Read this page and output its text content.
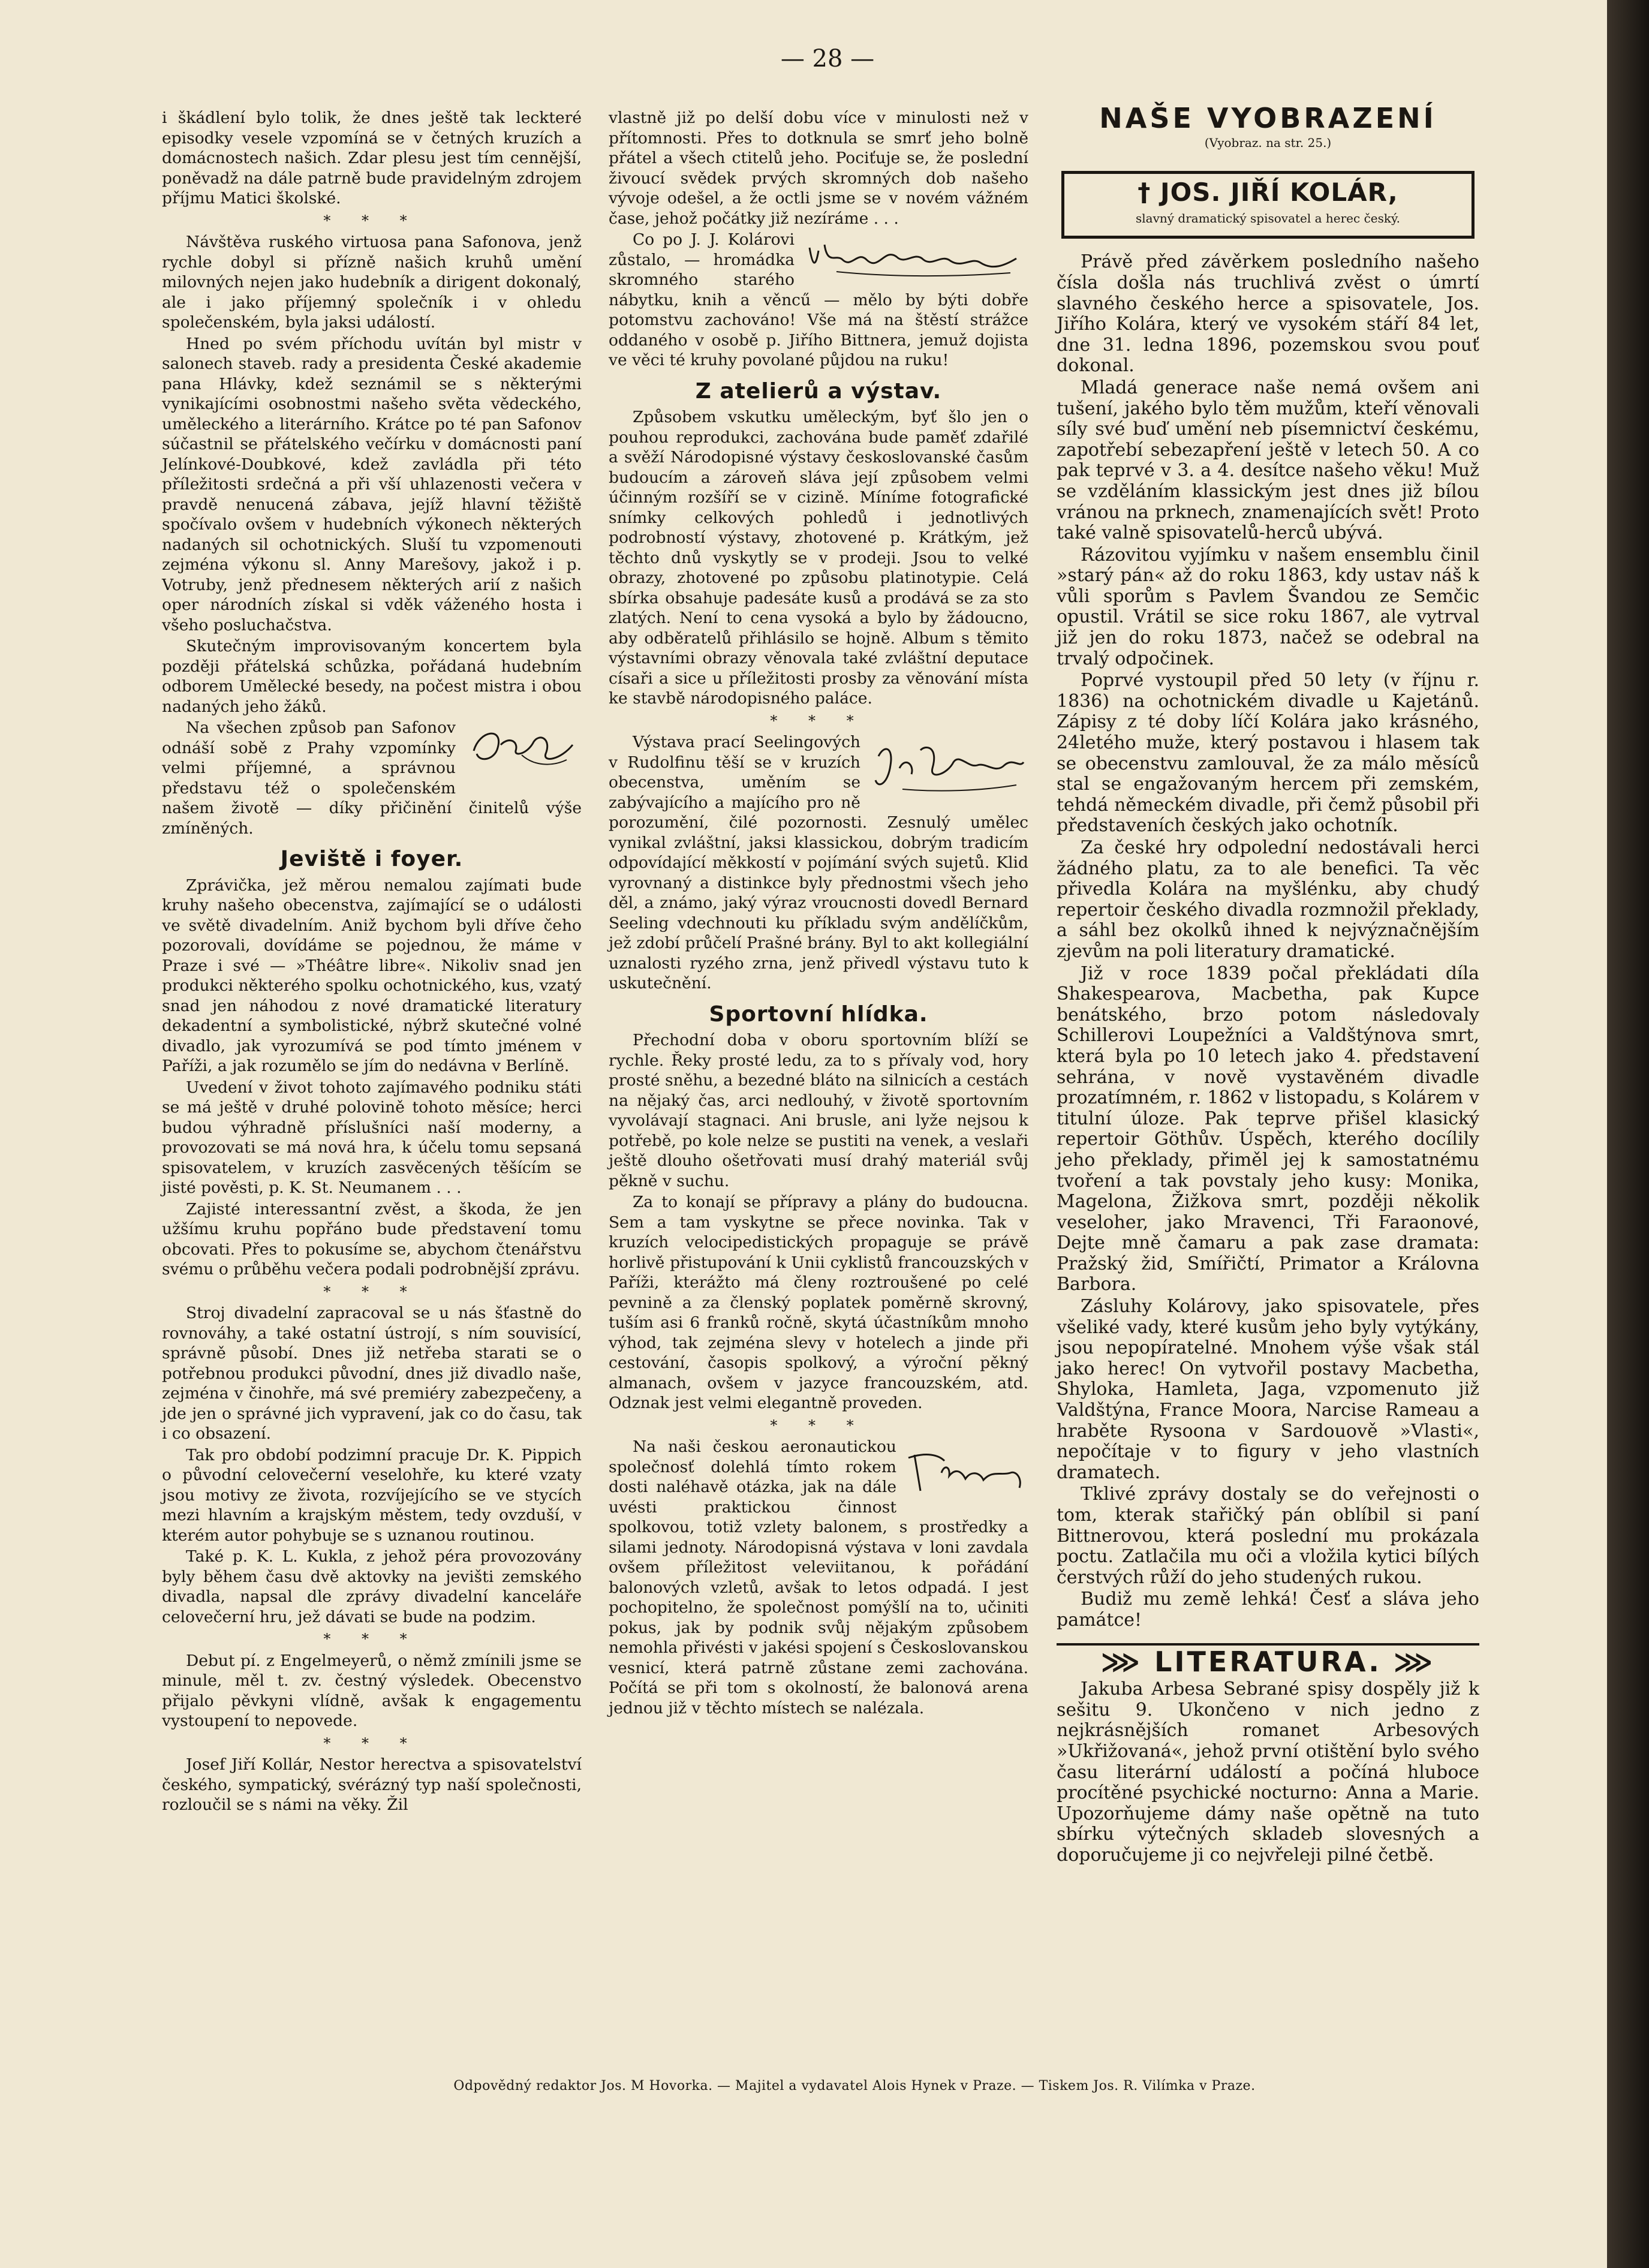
— 28 —

i škádlení bylo tolik, že dnes ještě tak leckteré episodky vesele vzpomíná se v četných kruzích a domácnostech našich. Zdar plesu jest tím cennější, poněvadž na dále patrně bude pravidelným zdrojem příjmu Matici školské.

* * *

Návštěva ruského virtuosa pana Safonova, jenž rychle dobyl si přízně našich kruhů umění milovných nejen jako hudebník a dirigent dokonalý, ale i jako příjemný společník i v ohledu společenském, byla jaksi událostí.

Hned po svém příchodu uvítán byl mistr v salonech staveb. rady a presidenta České akademie pana Hlávky, kdež seznámil se s některými vynikajícími osobnostmi našeho světa vědeckého, uměleckého a literárního. Krátce po té pan Safonov súčastnil se přátelského večírku v domácnosti paní Jelínkové-Doubkové, kdež zavládla při této příležitosti srdečná a při vší uhlazenosti večera v pravdě nenucená zábava, jejíž hlavní těžiště spočívalo ovšem v hudebních výkonech některých nadaných sil ochotnických. Sluší tu vzpomenouti zejména výkonu sl. Anny Marešovy, jakož i p. Votruby, jenž přednesem některých arií z našich oper národních získal si vděk váženého hosta i všeho posluchačstva.

Skutečným improvisovaným koncertem byla později přátelská schůzka, pořádaná hudebním odborem Umělecké besedy, na počest mistra i obou nadaných jeho žáků.

Na všechen způsob pan Safonov odnáší sobě z Prahy vzpomínky velmi příjemné, a správnou představu též o společenském našem životě — díky přičinění činitelů výše zmíněných.

Jeviště i foyer.

Zprávička, jež měrou nemalou zajímati bude kruhy našeho obecenstva, zajímající se o události ve světě divadelním. Aniž bychom byli dříve čeho pozorovali, dovídáme se pojednou, že máme v Praze i své — »Théâtre libre«. Nikoliv snad jen produkci některého spolku ochotnického, kus, vzatý snad jen náhodou z nové dramatické literatury dekadentní a symbolistické, nýbrž skutečné volné divadlo, jak vyrozumívá se pod tímto jménem v Paříži, a jak rozumělo se jím do nedávna v Berlíně.

Uvedení v život tohoto zajímavého podniku státi se má ještě v druhé polovině tohoto měsíce; herci budou výhradně příslušníci naší moderny, a provozovati se má nová hra, k účelu tomu sepsaná spisovatelem, v kruzích zasvěcených těšícím se jisté pověsti, p. K. St. Neumanem . . .

Zajisté interessantní zvěst, a škoda, že jen užšímu kruhu popřáno bude představení tomu obcovati. Přes to pokusíme se, abychom čtenářstvu svému o průběhu večera podali podrobnější zprávu.

* * *

Stroj divadelní zapracoval se u nás šťastně do rovnováhy, a také ostatní ústrojí, s ním souvisící, správně působí. Dnes již netřeba starati se o potřebnou produkci původní, dnes již divadlo naše, zejména v činohře, má své premiéry zabezpečeny, a jde jen o správné jich vypravení, jak co do času, tak i co obsazení.

Tak pro období podzimní pracuje Dr. K. Pippich o původní celovečerní veselohře, ku které vzaty jsou motivy ze života, rozvíjejícího se ve stycích mezi hlavním a krajským městem, tedy ovzduší, v kterém autor pohybuje se s uznanou routinou.

Také p. K. L. Kukla, z jehož péra provozovány byly během času dvě aktovky na jevišti zemského divadla, napsal dle zprávy divadelní kanceláře celovečerní hru, jež dávati se bude na podzim.

* * *

Debut pí. z Engelmeyerů, o němž zmínili jsme se minule, měl t. zv. čestný výsledek. Obecenstvo přijalo pěvkyni vlídně, avšak k engagementu vystoupení to nepovede.

* * *

Josef Jiří Kollár, Nestor herectva a spisovatelství českého, sympatický, svérázný typ naší společnosti, rozloučil se s námi na věky. Žil

vlastně již po delší dobu více v minulosti než v přítomnosti. Přes to dotknula se smrť jeho bolně přátel a všech ctitelů jeho. Pociťuje se, že poslední živoucí svědek prvých skromných dob našeho vývoje odešel, a že octli jsme se v novém vážném čase, jehož počátky již nezíráme . . .

Co po J. J. Kolárovi zůstalo, — hromádka skromného starého nábytku, knih a věncű — mělo by býti dobře potomstvu zachováno! Vše má na štěstí strážce oddaného v osobě p. Jiřího Bittnera, jemuž dojista ve věci té kruhy povolané půjdou na ruku!

Z atelierů a výstav.

Způsobem vskutku uměleckým, byť šlo jen o pouhou reprodukci, zachována bude paměť zdařilé a svěží Národopisné výstavy českoslovanské časům budoucím a zároveň sláva její způsobem velmi účinným rozšíří se v cizině. Míníme fotografické snímky celkových pohledů i jednotlivých podrobností výstavy, zhotovené p. Krátkým, jež těchto dnů vyskytly se v prodeji. Jsou to velké obrazy, zhotovené po způsobu platinotypie. Celá sbírka obsahuje padesáte kusů a prodává se za sto zlatých. Není to cena vysoká a bylo by žádoucno, aby odběratelů přihlásilo se hojně. Album s těmito výstavními obrazy věnovala také zvláštní deputace císaři a sice u příležitosti prosby za věnování místa ke stavbě národopisného paláce.

* * *

Výstava prací Seelingových v Rudolfinu těší se v kruzích obecenstva, uměním se zabývajícího a majícího pro ně porozumění, čilé pozornosti. Zesnulý umělec vynikal zvláštní, jaksi klassickou, dobrým tradicím odpovídající měkkostí v pojímání svých sujetů. Klid vyrovnaný a distinkce byly přednostmi všech jeho děl, a známo, jaký výraz vroucnosti dovedl Bernard Seeling vdechnouti ku příkladu svým andělíčkům, jež zdobí průčelí Prašné brány. Byl to akt kollegiální uznalosti ryzého zrna, jenž přivedl výstavu tuto k uskutečnění.

Sportovní hlídka.

Přechodní doba v oboru sportovním blíží se rychle. Řeky prosté ledu, za to s přívaly vod, hory prosté sněhu, a bezedné bláto na silnicích a cestách na nějaký čas, arci nedlouhý, v životě sportovním vyvolávají stagnaci. Ani brusle, ani lyže nejsou k potřebě, po kole nelze se pustiti na venek, a veslaři ještě dlouho ošetřovati musí drahý materiál svůj pěkně v suchu.

Za to konají se přípravy a plány do budoucna. Sem a tam vyskytne se přece novinka. Tak v kruzích velocipedistických propaguje se právě horlivě přistupování k Unii cyklistů francouzských v Paříži, kterážto má členy roztroušené po celé pevnině a za členský poplatek poměrně skrovný, tuším asi 6 franků ročně, skytá účastníkům mnoho výhod, tak zejména slevy v hotelech a jinde při cestování, časopis spolkový, a výroční pěkný almanach, ovšem v jazyce francouzském, atd. Odznak jest velmi elegantně proveden.

* * *

Na naši českou aeronautickou společnosť dolehlá tímto rokem dosti naléhavě otázka, jak na dále uvésti praktickou činnost spolkovou, totiž vzlety balonem, s prostředky a silami jednoty. Národopisná výstava v loni zavdala ovšem příležitost veleviitanou, k pořádání balonových vzletů, avšak to letos odpadá. I jest pochopitelno, že společnost pomýšlí na to, učiniti pokus, jak by podnik svůj nějakým způsobem nemohla přivésti v jakési spojení s Českoslovanskou vesnicí, která patrně zůstane zemi zachována. Počítá se při tom s okolností, že balonová arena jednou již v těchto místech se nalézala.

NAŠE VYOBRAZENÍ
(Vyobraz. na str. 25.)
† JOS. JIŘÍ KOLÁR,
slavný dramatický spisovatel a herec český.

Právě před závěrkem posledního našeho čísla došla nás truchlivá zvěst o úmrtí slavného českého herce a spisovatele, Jos. Jiřího Kolára, který ve vysokém stáří 84 let, dne 31. ledna 1896, pozemskou svou pouť dokonal.

Mladá generace naše nemá ovšem ani tušení, jakého bylo těm mužům, kteří věnovali síly své buď umění neb písemnictví českému, zapotřebí sebezapření ještě v letech 50. A co pak teprvé v 3. a 4. desítce našeho věku! Muž se vzděláním klassickým jest dnes již bílou vránou na prknech, znamenajících svět! Proto také valně spisovatelů-herců ubývá.

Rázovitou vyjímku v našem ensemblu činil »starý pán« až do roku 1863, kdy ustav náš k vůli sporům s Pavlem Švandou ze Semčic opustil. Vrátil se sice roku 1867, ale vytrval již jen do roku 1873, načež se odebral na trvalý odpočinek.

Poprvé vystoupil před 50 lety (v říjnu r. 1836) na ochotnickém divadle u Kajetánů. Zápisy z té doby líčí Kolára jako krásného, 24letého muže, který postavou i hlasem tak se obecenstvu zamlouval, že za málo měsíců stal se engažovaným hercem při zemském, tehdá německém divadle, při čemž působil při představeních českých jako ochotník.

Za české hry odpolední nedostávali herci žádného platu, za to ale benefici. Ta věc přivedla Kolára na myšlénku, aby chudý repertoir českého divadla rozmnožil překlady, a sáhl bez okolků ihned k nejvýznačnějším zjevům na poli literatury dramatické.

Již v roce 1839 počal překládati díla Shakespearova, Macbetha, pak Kupce benátského, brzo potom následovaly Schillerovi Loupežníci a Valdštýnova smrt, která byla po 10 letech jako 4. představení sehrána, v nově vystavěném divadle prozatímném, r. 1862 v listopadu, s Kolárem v titulní úloze. Pak teprve přišel klasický repertoir Göthův. Úspěch, kterého docílily jeho překlady, přiměl jej k samostatnému tvoření a tak povstaly jeho kusy: Monika, Magelona, Žižkova smrt, později několik veseloher, jako Mravenci, Tři Faraonové, Dejte mně čamaru a pak zase dramata: Pražský žid, Smířičtí, Primator a Královna Barbora.

Zásluhy Kolárovy, jako spisovatele, přes všeliké vady, které kusům jeho byly vytýkány, jsou nepopíratelné. Mnohem výše však stál jako herec! On vytvořil postavy Macbetha, Shyloka, Hamleta, Jaga, vzpomenuto již Valdštýna, France Moora, Narcise Rameau a hraběte Rysoona v Sardouově »Vlasti«, nepočítaje v to figury v jeho vlastních dramatech.

Tklivé zprávy dostaly se do veřejnosti o tom, kterak stařičký pán oblíbil si paní Bittnerovou, která poslední mu prokázala poctu. Zatlačila mu oči a vložila kytici bílých čerstvých růží do jeho studených rukou.

Budiž mu země lehká! Česť a sláva jeho památce!

⋙ LITERATURA. ⋙

Jakuba Arbesa Sebrané spisy dospěly již k sešitu 9. Ukončeno v nich jedno z nejkrásnějších romanet Arbesových »Ukřižovaná«, jehož první otištění bylo svého času literární událostí a počíná hluboce procítěné psychické nocturno: Anna a Marie. Upozorňujeme dámy naše opětně na tuto sbírku výtečných skladeb slovesných a doporučujeme ji co nejvřeleji pilné četbě.

Odpovědný redaktor Jos. M Hovorka. — Majitel a vydavatel Alois Hynek v Praze. — Tiskem Jos. R. Vilímka v Praze.
